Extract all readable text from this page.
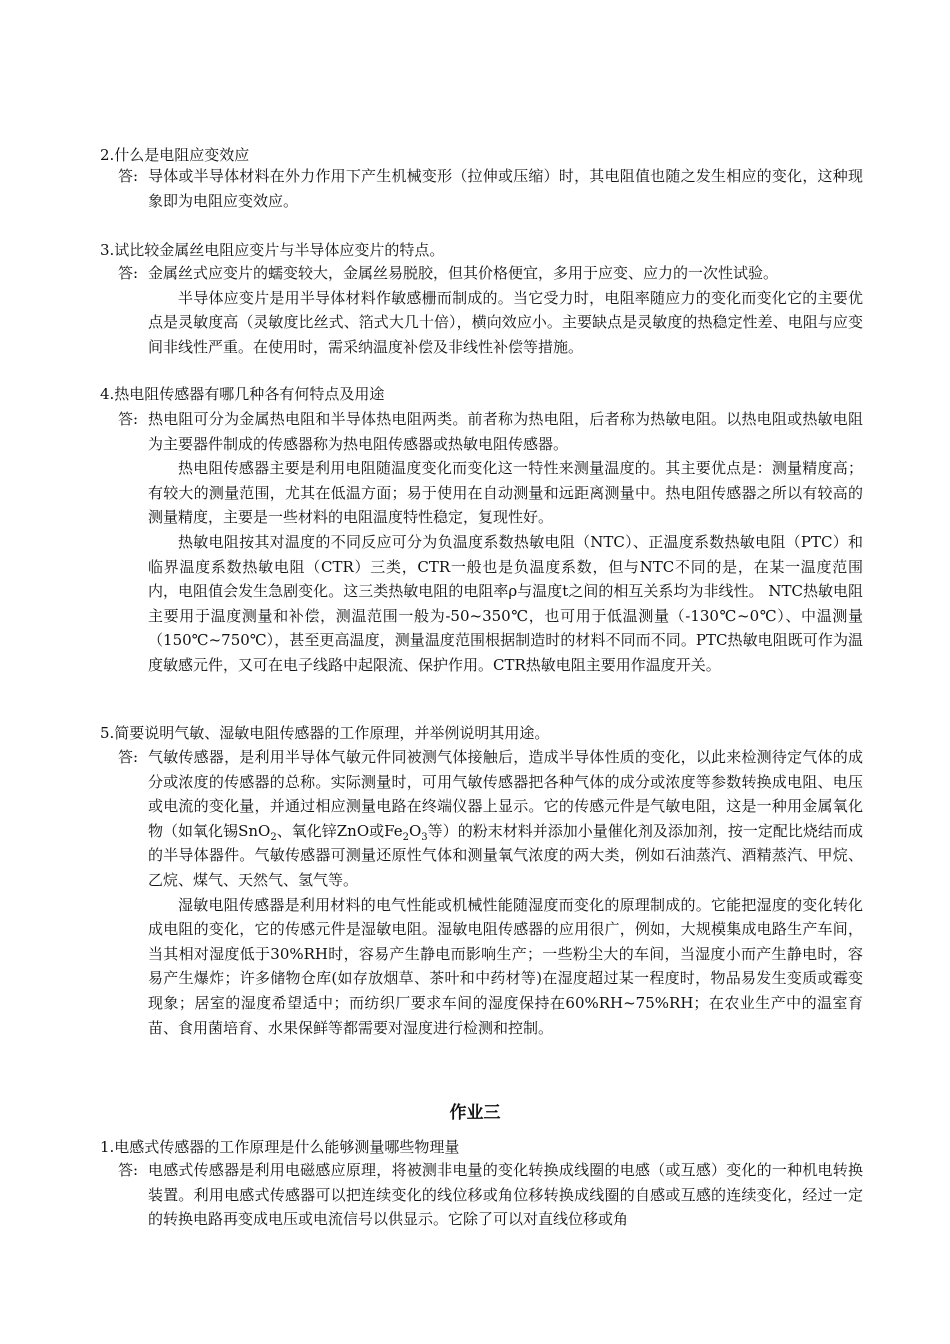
2.什么是电阻应变效应
答: 导体或半导体材料在外力作用下产生机械变形（拉伸或压缩）时，其电阻值也随之发生相应的变化，这种现象即为电阻应变效应。

3.试比较金属丝电阻应变片与半导体应变片的特点。
答: 金属丝式应变片的蠕变较大，金属丝易脱胶，但其价格便宜，多用于应变、应力的一次性试验。

半导体应变片是用半导体材料作敏感栅而制成的。当它受力时，电阻率随应力的变化而变化它的主要优点是灵敏度高（灵敏度比丝式、箔式大几十倍），横向效应小。主要缺点是灵敏度的热稳定性差、电阻与应变间非线性严重。在使用时，需采纳温度补偿及非线性补偿等措施。

4.热电阻传感器有哪几种各有何特点及用途
答: 热电阻可分为金属热电阻和半导体热电阻两类。前者称为热电阻，后者称为热敏电阻。以热电阻或热敏电阻为主要器件制成的传感器称为热电阻传感器或热敏电阻传感器。

热电阻传感器主要是利用电阻随温度变化而变化这一特性来测量温度的。其主要优点是：测量精度高；有较大的测量范围，尤其在低温方面；易于使用在自动测量和远距离测量中。热电阻传感器之所以有较高的测量精度，主要是一些材料的电阻温度特性稳定，复现性好。

热敏电阻按其对温度的不同反应可分为负温度系数热敏电阻（NTC）、正温度系数热敏电阻（PTC）和临界温度系数热敏电阻（CTR）三类，CTR一般也是负温度系数，但与NTC不同的是，在某一温度范围内，电阻值会发生急剧变化。这三类热敏电阻的电阻率ρ与温度t之间的相互关系均为非线性。 NTC热敏电阻主要用于温度测量和补偿，测温范围一般为-50~350℃，也可用于低温测量（-130℃~0℃）、中温测量（150℃~750℃），甚至更高温度，测量温度范围根据制造时的材料不同而不同。PTC热敏电阻既可作为温度敏感元件，又可在电子线路中起限流、保护作用。CTR热敏电阻主要用作温度开关。

5.简要说明气敏、湿敏电阻传感器的工作原理，并举例说明其用途。
答: 气敏传感器，是利用半导体气敏元件同被测气体接触后，造成半导体性质的变化，以此来检测待定气体的成分或浓度的传感器的总称。实际测量时，可用气敏传感器把各种气体的成分或浓度等参数转换成电阻、电压或电流的变化量，并通过相应测量电路在终端仪器上显示。它的传感元件是气敏电阻，这是一种用金属氧化物（如氧化锡SnO$_2$、氧化锌ZnO或$Fe_2O_3$等）的粉末材料并添加小量催化剂及添加剂，按一定配比烧结而成的半导体器件。气敏传感器可测量还原性气体和测量氧气浓度的两大类，例如石油蒸汽、酒精蒸汽、甲烷、乙烷、煤气、天然气、氢气等。

湿敏电阻传感器是利用材料的电气性能或机械性能随湿度而变化的原理制成的。它能把湿度的变化转化成电阻的变化，它的传感元件是湿敏电阻。湿敏电阻传感器的应用很广，例如，大规模集成电路生产车间，当其相对湿度低于30%RH时，容易产生静电而影响生产；一些粉尘大的车间，当湿度小而产生静电时，容易产生爆炸；许多储物仓库(如存放烟草、茶叶和中药材等)在湿度超过某一程度时，物品易发生变质或霉变现象；居室的湿度希望适中；而纺织厂要求车间的湿度保持在60%RH~75%RH；在农业生产中的温室育苗、食用菌培育、水果保鲜等都需要对湿度进行检测和控制。

作业三
1.电感式传感器的工作原理是什么能够测量哪些物理量
答: 电感式传感器是利用电磁感应原理，将被测非电量的变化转换成线圈的电感（或互感）变化的一种机电转换装置。利用电感式传感器可以把连续变化的线位移或角位移转换成线圈的自感或互感的连续变化，经过一定的转换电路再变成电压或电流信号以供显示。它除了可以对直线位移或角
